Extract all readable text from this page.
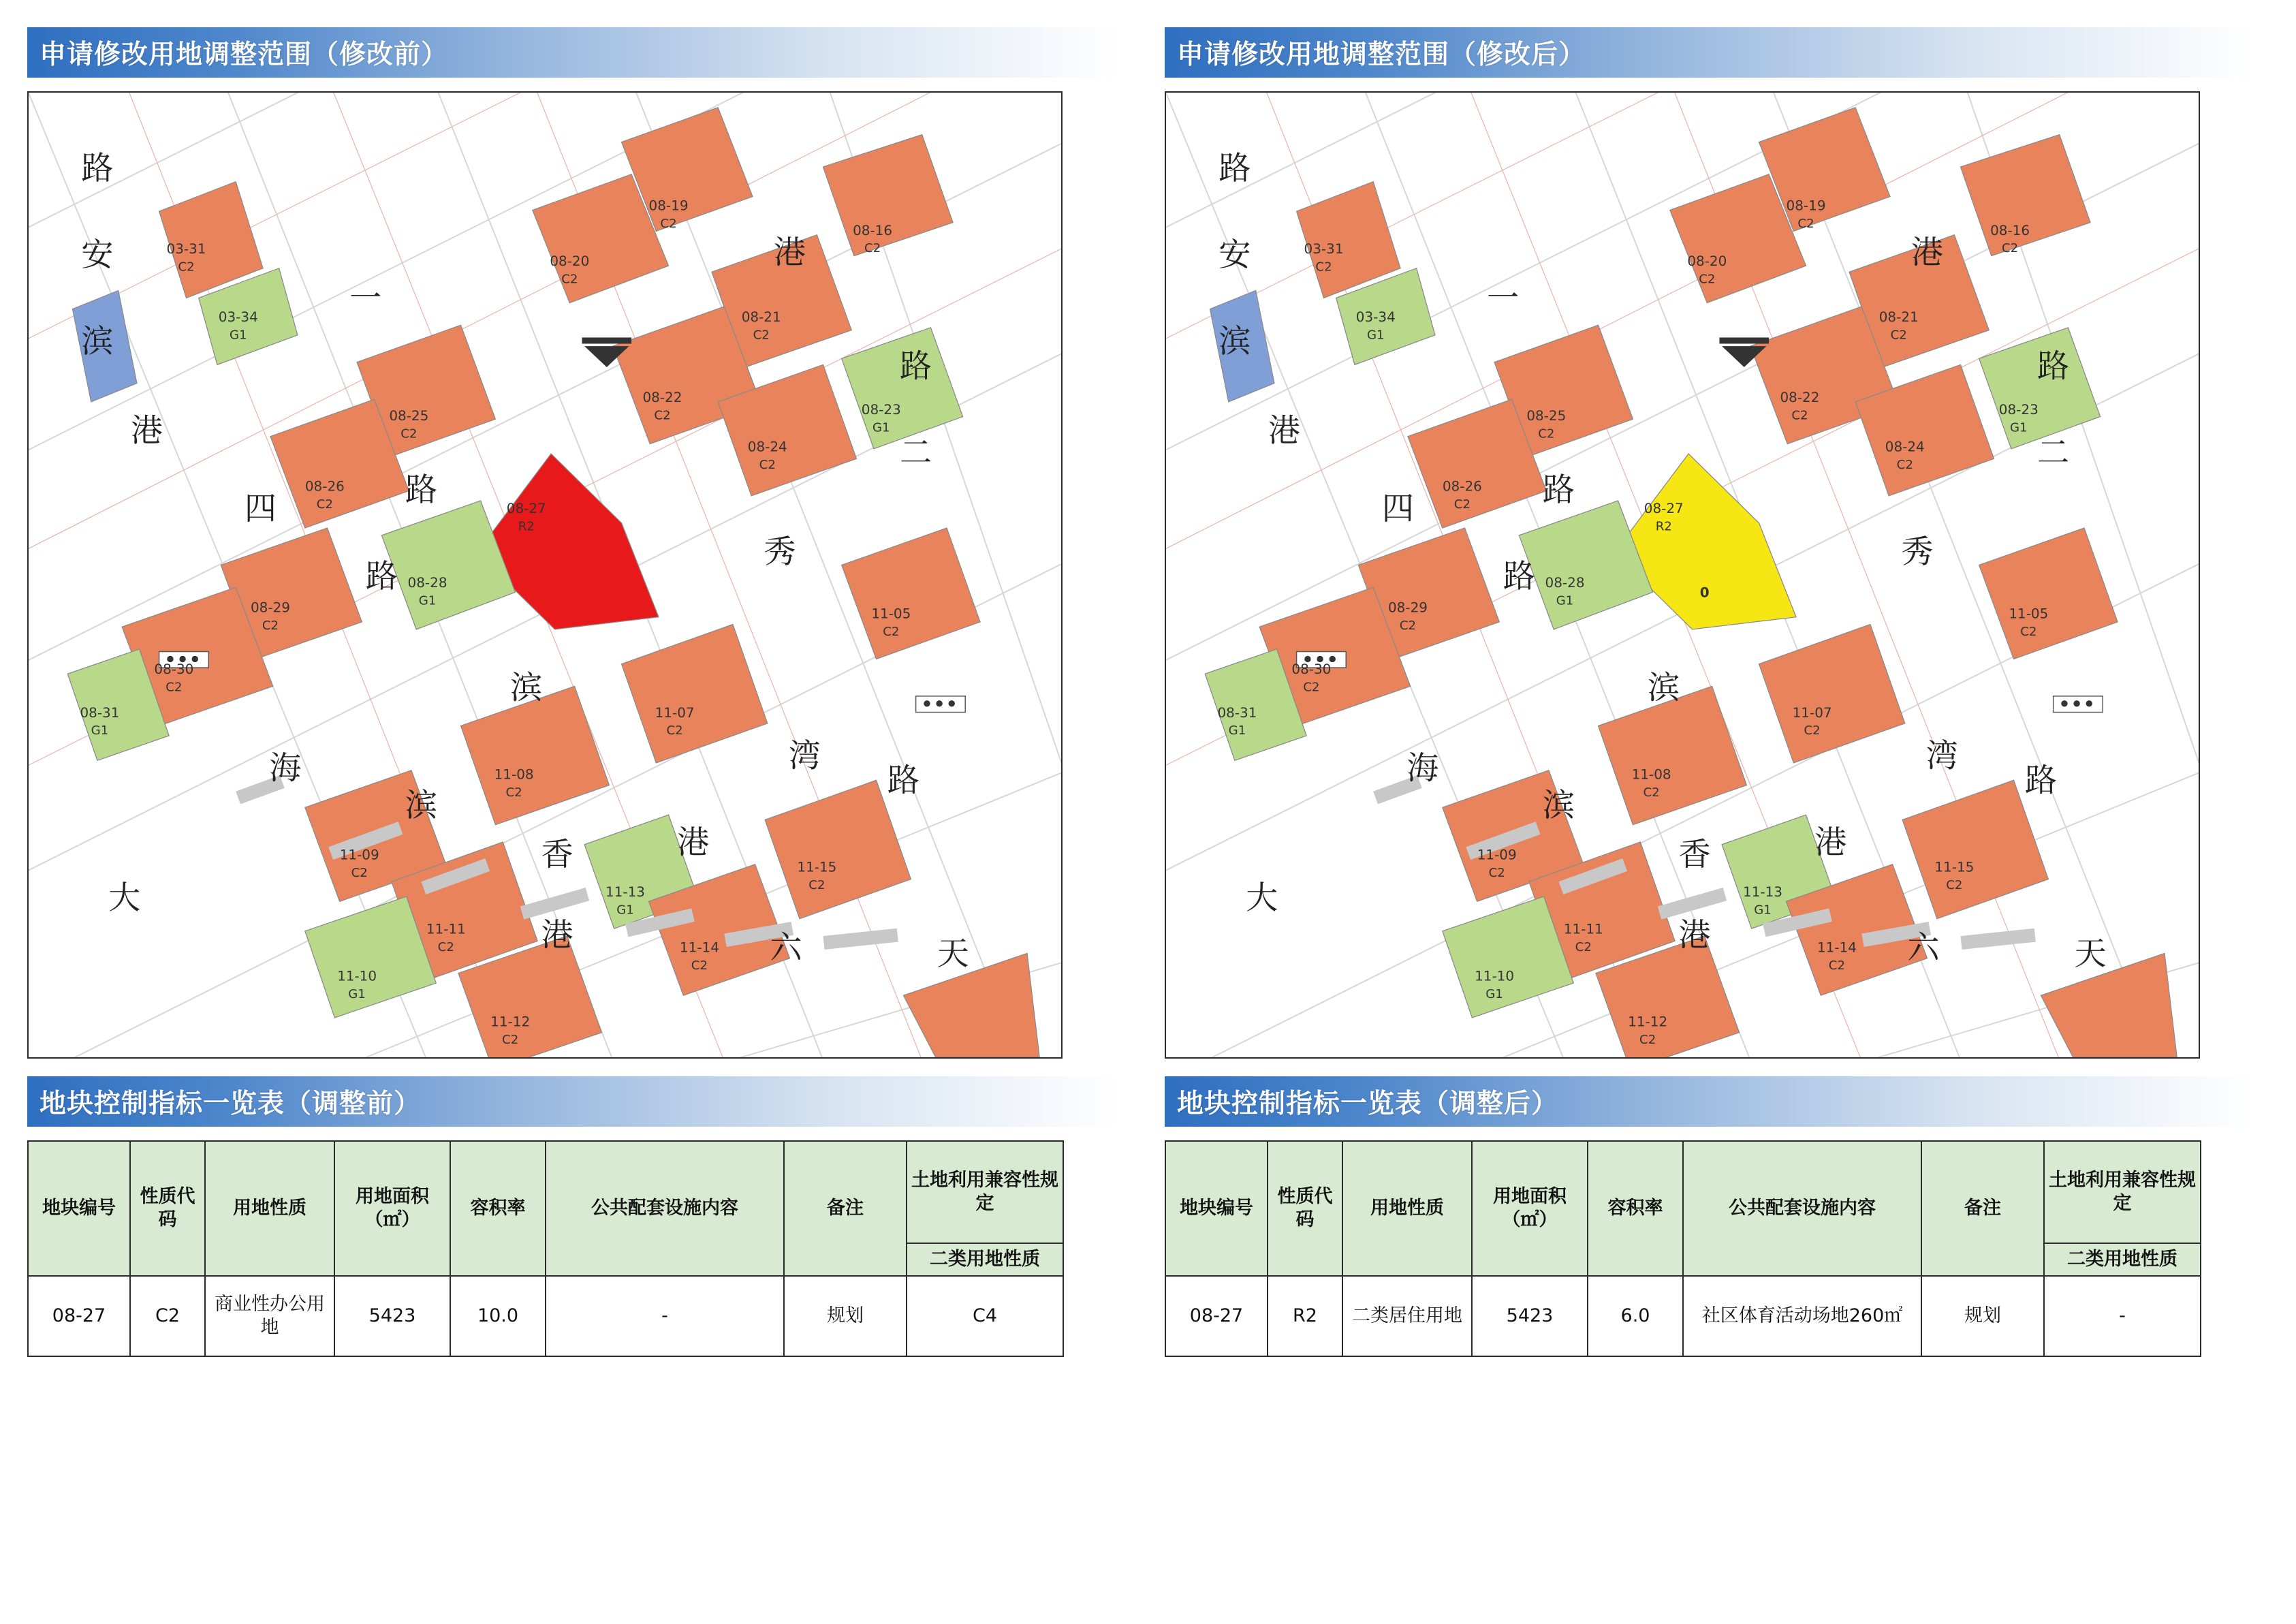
申请修改用地调整范围（修改前）
03-31
C2
03-34
G1
08-20
C2
08-19
C2	08-16
C2
08-21
C2
08-22
C2	08-23
G1
08-24
C2
08-25
C2
08-26
C2	08-27
R2
08-28
G1
08-29
C2
08-30
C2
08-31
G1
11-05
C2
11-07
C2
11-08
C2
11-09
C2
11-11
C2
11-13
G1
11-14
C2
11-15
C2
11-10
G1
11-12
C2
路
安
滨
港
一
港
路
二
四	路
路
秀
滨
湾
路
海
滨
港
香
港	六	天
大
地块控制指标一览表（调整前）
地块编号	性质代码	用地性质	用地面积（㎡）	容积率	公共配套设施内容	备注	土地利用兼容性规定
							二类用地性质
08-27	C2	商业性办公用地	5423	10.0	-	规划	C4
申请修改用地调整范围（修改后）
0
03-31
C2
03-34
G1
08-20
C2
08-19
C2	08-16
C2
08-21
C2
08-22
C2	08-23
G1
08-24
C2
08-25
C2
08-26
C2	08-27
R2
08-28
G1
08-29
C2
08-30
C2
08-31
G1
11-05
C2
11-07
C2
11-08
C2
11-09
C2
11-11
C2
11-13
G1
11-14
C2
11-15
C2
11-10
G1
11-12
C2
路
安
滨
港
一
港
路
二
四	路
路
秀
滨
湾
路
海
滨
港
香
港	六	天
大
地块控制指标一览表（调整后）
地块编号	性质代码	用地性质	用地面积（㎡）	容积率	公共配套设施内容	备注	土地利用兼容性规定
							二类用地性质
08-27	R2	二类居住用地	5423	6.0	社区体育活动场地260㎡	规划	-
